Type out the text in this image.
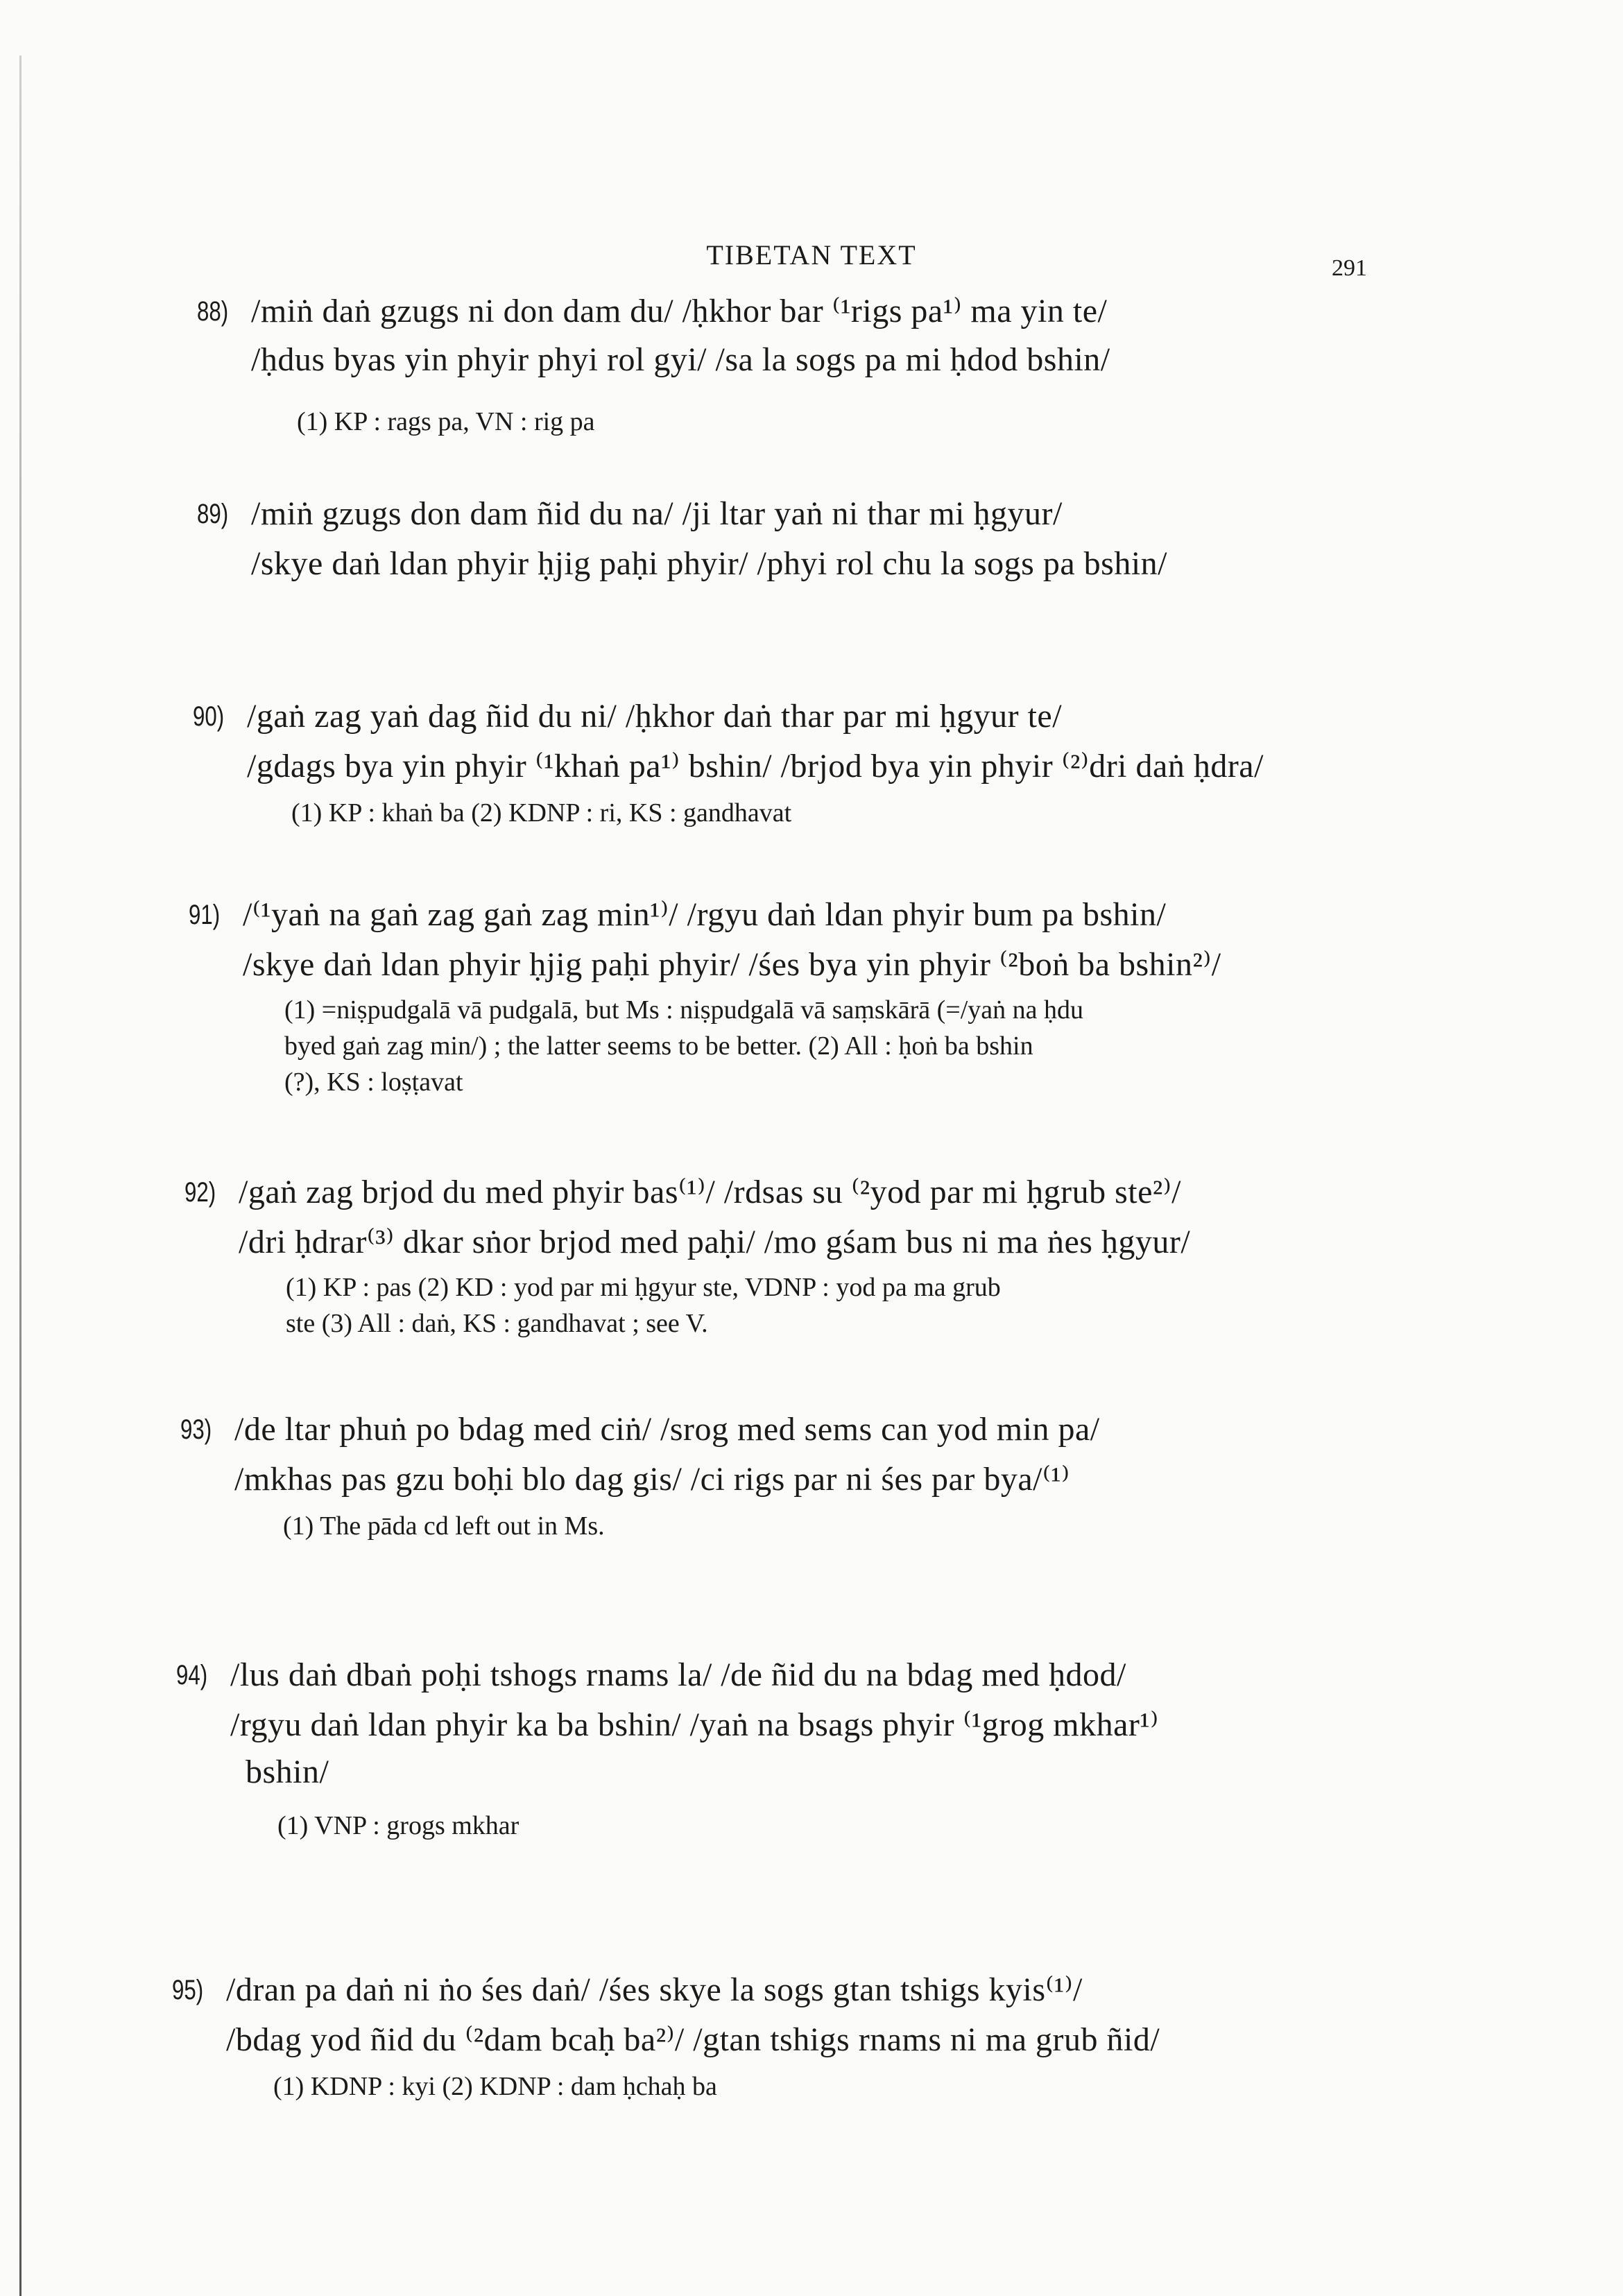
TIBETAN TEXT	291
88) /miṅ daṅ gzugs ni don dam du/ /ḥkhor bar ⁽¹rigs pa¹⁾ ma yin te/
/ḥdus byas yin phyir phyi rol gyi/ /sa la sogs pa mi ḥdod bshin/
(1) KP : rags pa, VN : rig pa
89) /miṅ gzugs don dam ñid du na/ /ji ltar yaṅ ni thar mi ḥgyur/
/skye daṅ ldan phyir ḥjig paḥi phyir/ /phyi rol chu la sogs pa bshin/
90) /gaṅ zag yaṅ dag ñid du ni/ /ḥkhor daṅ thar par mi ḥgyur te/
/gdags bya yin phyir ⁽¹khaṅ pa¹⁾ bshin/ /brjod bya yin phyir ⁽²⁾dri daṅ ḥdra/
(1) KP : khaṅ ba (2) KDNP : ri, KS : gandhavat
91) /⁽¹yaṅ na gaṅ zag gaṅ zag min¹⁾/ /rgyu daṅ ldan phyir bum pa bshin/
/skye daṅ ldan phyir ḥjig paḥi phyir/ /śes bya yin phyir ⁽²boṅ ba bshin²⁾/
(1) =niṣpudgalā vā pudgalā, but Ms : niṣpudgalā vā saṃskārā (=/yaṅ na ḥdu
byed gaṅ zag min/) ; the latter seems to be better. (2) All : ḥoṅ ba bshin
(?), KS : loṣṭavat
92) /gaṅ zag brjod du med phyir bas⁽¹⁾/ /rdsas su ⁽²yod par mi ḥgrub ste²⁾/
/dri ḥdrar⁽³⁾ dkar sṅor brjod med paḥi/ /mo gśam bus ni ma ṅes ḥgyur/
(1) KP : pas (2) KD : yod par mi ḥgyur ste, VDNP : yod pa ma grub
ste (3) All : daṅ, KS : gandhavat ; see V.
93) /de ltar phuṅ po bdag med ciṅ/ /srog med sems can yod min pa/
/mkhas pas gzu boḥi blo dag gis/ /ci rigs par ni śes par bya/⁽¹⁾
(1) The pāda cd left out in Ms.
94) /lus daṅ dbaṅ poḥi tshogs rnams la/ /de ñid du na bdag med ḥdod/
/rgyu daṅ ldan phyir ka ba bshin/ /yaṅ na bsags phyir ⁽¹grog mkhar¹⁾
bshin/
(1) VNP : grogs mkhar
95) /dran pa daṅ ni ṅo śes daṅ/ /śes skye la sogs gtan tshigs kyis⁽¹⁾/
/bdag yod ñid du ⁽²dam bcaḥ ba²⁾/ /gtan tshigs rnams ni ma grub ñid/
(1) KDNP : kyi (2) KDNP : dam ḥchaḥ ba
